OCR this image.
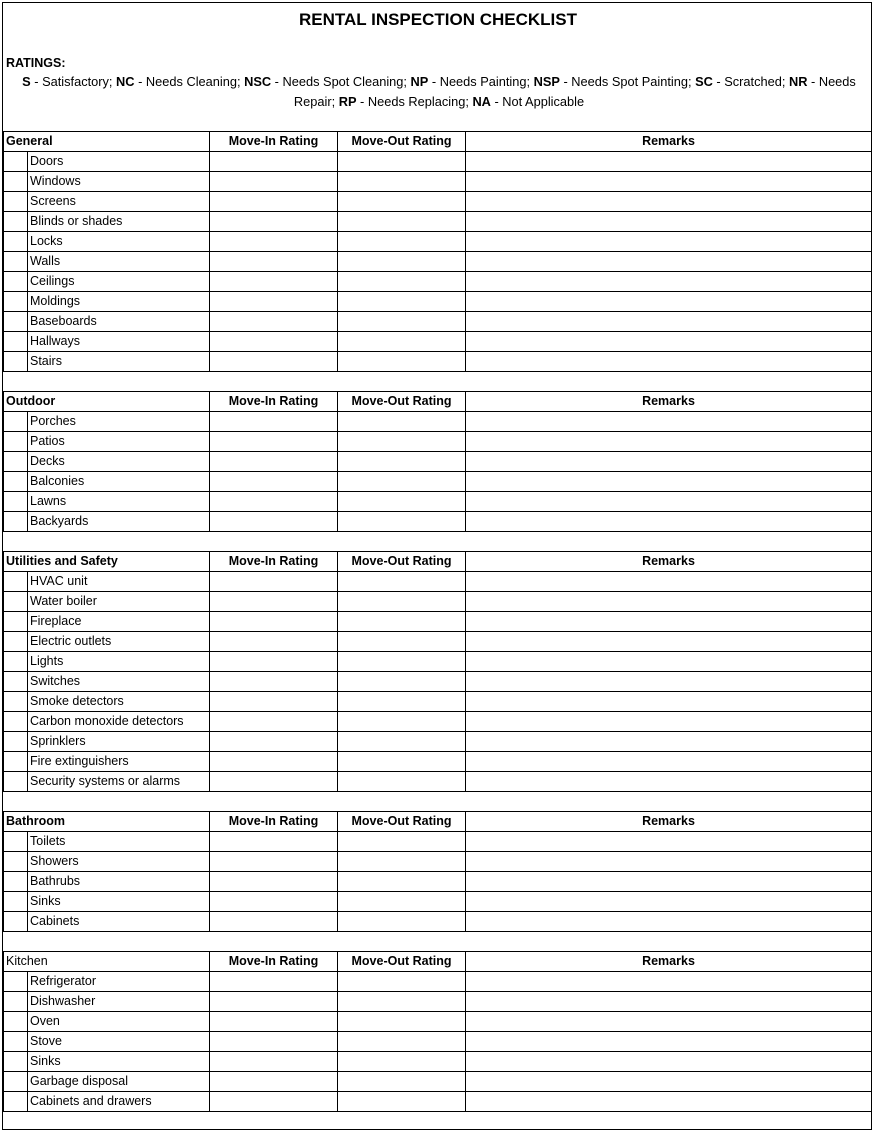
RENTAL INSPECTION CHECKLIST
RATINGS:
S - Satisfactory; NC - Needs Cleaning; NSC - Needs Spot Cleaning; NP - Needs Painting; NSP - Needs Spot Painting; SC - Scratched; NR - Needs Repair; RP - Needs Replacing; NA - Not Applicable
General		Move-In Rating	Move-Out Rating	Remarks
	Doors			
	Windows			
	Screens			
	Blinds or shades			
	Locks			
	Walls			
	Ceilings			
	Moldings			
	Baseboards			
	Hallways			
	Stairs			

Outdoor		Move-In Rating	Move-Out Rating	Remarks
	Porches			
	Patios			
	Decks			
	Balconies			
	Lawns			
	Backyards			

Utilities and Safety		Move-In Rating	Move-Out Rating	Remarks
	HVAC unit			
	Water boiler			
	Fireplace			
	Electric outlets			
	Lights			
	Switches			
	Smoke detectors			
	Carbon monoxide detectors			
	Sprinklers			
	Fire extinguishers			
	Security systems or alarms			

Bathroom		Move-In Rating	Move-Out Rating	Remarks
	Toilets			
	Showers			
	Bathrubs			
	Sinks			
	Cabinets			

Kitchen		Move-In Rating	Move-Out Rating	Remarks
	Refrigerator			
	Dishwasher			
	Oven			
	Stove			
	Sinks			
	Garbage disposal			
	Cabinets and drawers			
